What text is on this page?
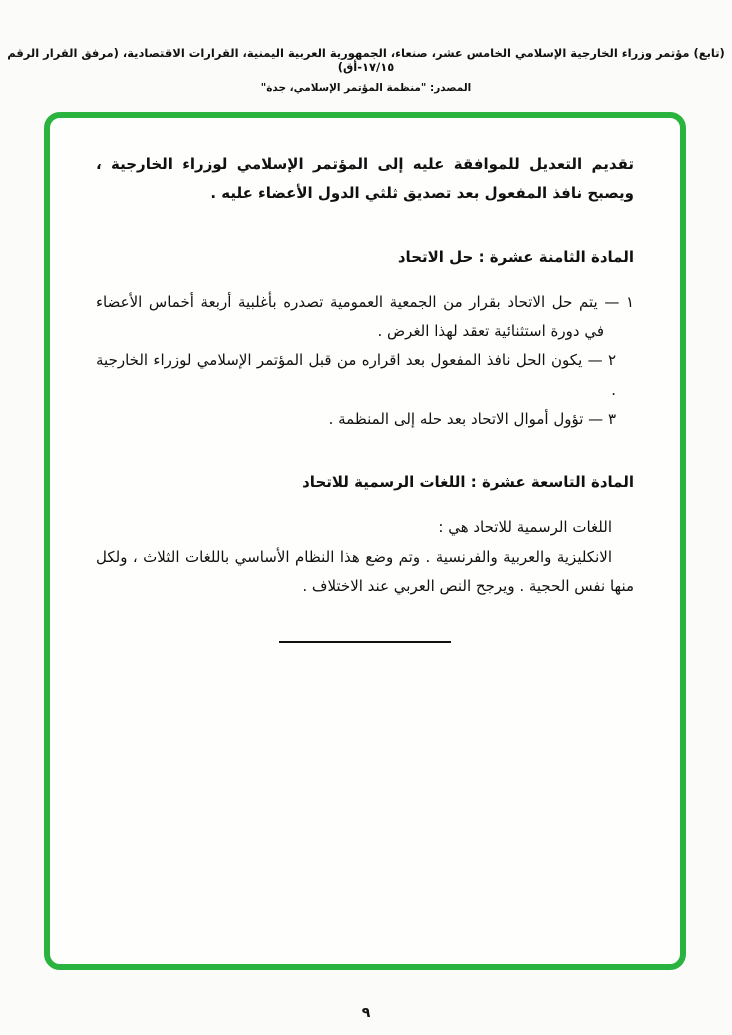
(تابع) مؤتمر وزراء الخارجية الإسلامي الخامس عشر، صنعاء، الجمهورية العربية اليمنية، القرارات الاقتصادية، (مرفق القرار الرقم ١٧/١٥-أق)
المصدر: "منظمة المؤتمر الإسلامي، جدة"

تقديم التعديل للموافقة عليه إلى المؤتمر الإسلامي لوزراء الخارجية ، ويصبح نافذ المفعول بعد تصديق ثلثي الدول الأعضاء عليه .

المادة الثامنة عشرة : حل الاتحاد

١ — يتم حل الاتحاد بقرار من الجمعية العمومية تصدره بأغلبية أربعة أخماس الأعضاء في دورة استثنائية تعقد لهذا الغرض .

٢ — يكون الحل نافذ المفعول بعد اقراره من قبل المؤتمر الإسلامي لوزراء الخارجية .

٣ — تؤول أموال الاتحاد بعد حله إلى المنظمة .

المادة التاسعة عشرة : اللغات الرسمية للاتحاد

اللغات الرسمية للاتحاد هي :

الانكليزية والعربية والفرنسية . وتم وضع هذا النظام الأساسي باللغات الثلاث ، ولكل منها نفس الحجية . ويرجح النص العربي عند الاختلاف .

٩
